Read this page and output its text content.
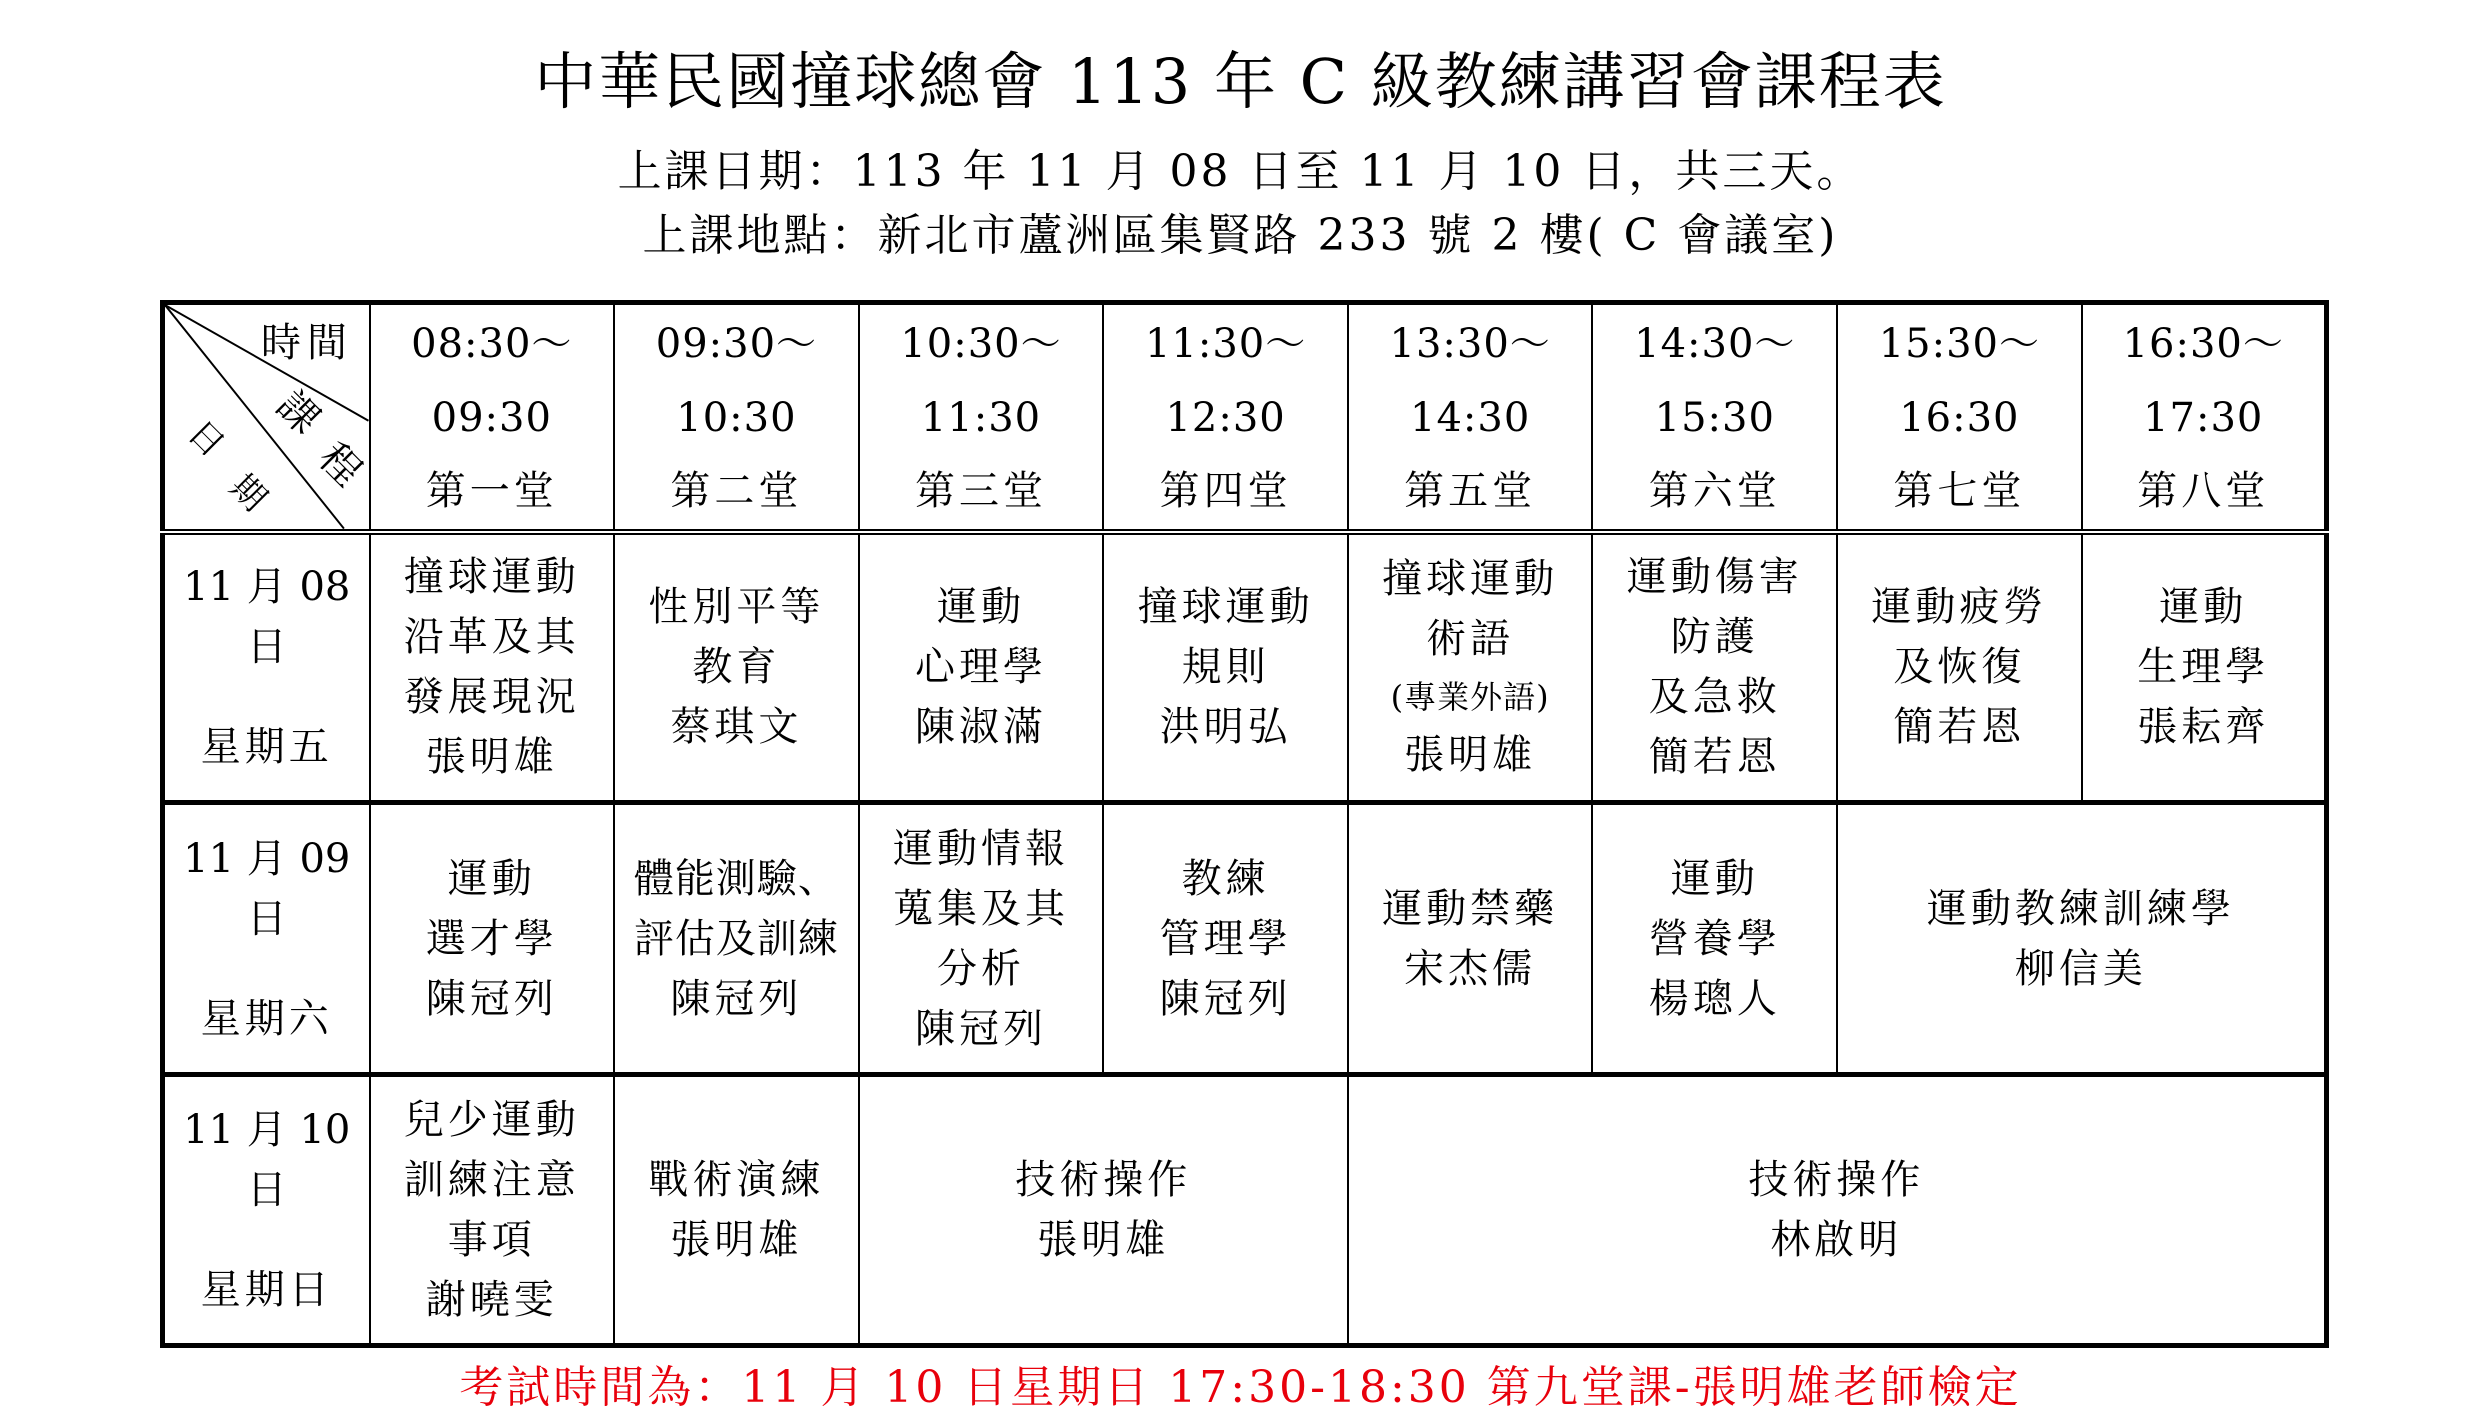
中華民國撞球總會 113 年 C 級教練講習會課程表
上課日期：113 年 11 月 08 日至 11 月 10 日，共三天。
上課地點：新北市蘆洲區集賢路 233 號 2 樓( C 會議室)
時間
課
程
日
期	08:30～
09:30
第一堂	09:30～
10:30
第二堂	10:30～
11:30
第三堂	11:30～
12:30
第四堂	13:30～
14:30
第五堂	14:30～
15:30
第六堂	15:30～
16:30
第七堂	16:30～
17:30
第八堂

11 月 08 日
星期五	撞球運動
沿革及其
發展現況
張明雄	性別平等
教育
蔡琪文	運動
心理學
陳淑滿	撞球運動
規則
洪明弘	撞球運動
術語
(專業外語)
張明雄	運動傷害
防護
及急救
簡若恩	運動疲勞
及恢復
簡若恩	運動
生理學
張耘齊

11 月 09 日
星期六	運動
選才學
陳冠列	體能測驗、
評估及訓練
陳冠列	運動情報
蒐集及其
分析
陳冠列	教練
管理學
陳冠列	運動禁藥
宋杰儒	運動
營養學
楊璁人	運動教練訓練學
柳信美	

11 月 10 日
星期日	兒少運動
訓練注意
事項
謝曉雯	戰術演練
張明雄	技術操作
張明雄		技術操作
林啟明			
考試時間為：11 月 10 日星期日 17:30-18:30 第九堂課-張明雄老師檢定
